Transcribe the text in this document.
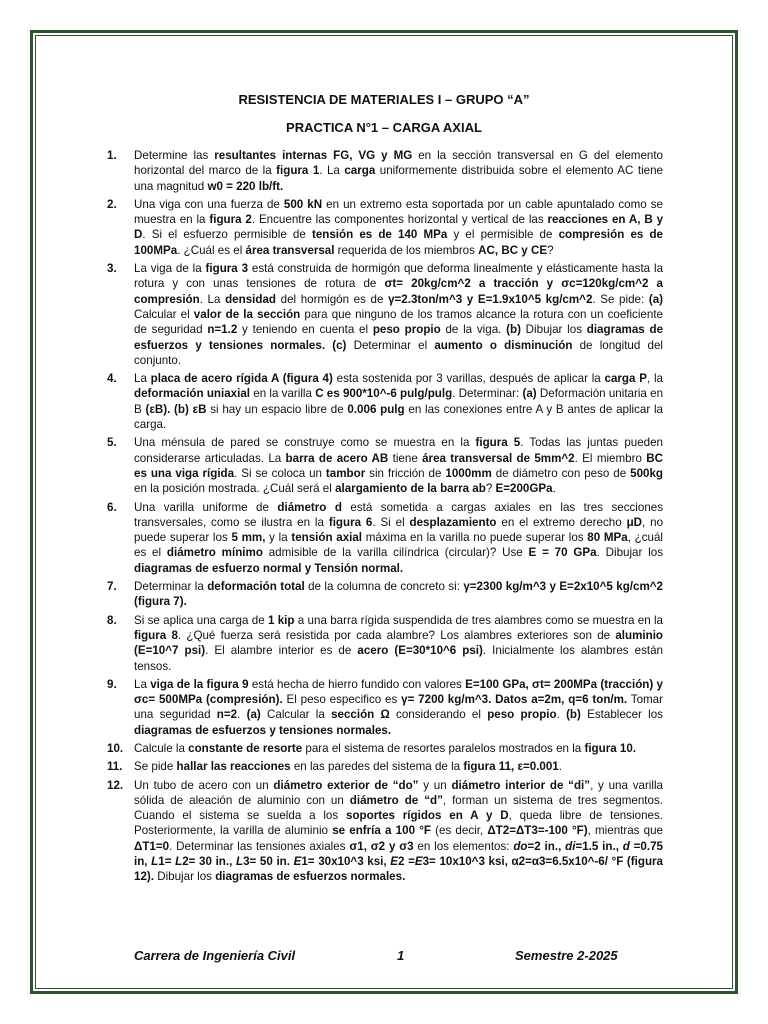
RESISTENCIA DE MATERIALES I – GRUPO “A”
PRACTICA N°1 – CARGA AXIAL
1. Determine las resultantes internas FG, VG y MG en la sección transversal en G del elemento horizontal del marco de la figura 1. La carga uniformemente distribuida sobre el elemento AC tiene una magnitud w0 = 220 lb/ft.
2. Una viga con una fuerza de 500 kN en un extremo esta soportada por un cable apuntalado como se muestra en la figura 2. Encuentre las componentes horizontal y vertical de las reacciones en A, B y D. Si el esfuerzo permisible de tensión es de 140 MPa y el permisible de compresión es de 100MPa. ¿Cuál es el área transversal requerida de los miembros AC, BC y CE?
3. La viga de la figura 3 está construida de hormigón que deforma linealmente y elásticamente hasta la rotura y con unas tensiones de rotura de σt= 20kg/cm^2 a tracción y σc=120kg/cm^2 a compresión. La densidad del hormigón es de γ=2.3ton/m^3 y E=1.9x10^5 kg/cm^2. Se pide: (a) Calcular el valor de la sección para que ninguno de los tramos alcance la rotura con un coeficiente de seguridad n=1.2 y teniendo en cuenta el peso propio de la viga. (b) Dibujar los diagramas de esfuerzos y tensiones normales. (c) Determinar el aumento o disminución de longitud del conjunto.
4. La placa de acero rígida A (figura 4) esta sostenida por 3 varillas, después de aplicar la carga P, la deformación uniaxial en la varilla C es 900*10^-6 pulg/pulg. Determinar: (a) Deformación unitaria en B (εB). (b) εB si hay un espacio libre de 0.006 pulg en las conexiones entre A y B antes de aplicar la carga.
5. Una ménsula de pared se construye como se muestra en la figura 5. Todas las juntas pueden considerarse articuladas. La barra de acero AB tiene área transversal de 5mm^2. El miembro BC es una viga rígida. Si se coloca un tambor sin fricción de 1000mm de diámetro con peso de 500kg en la posición mostrada. ¿Cuál será el alargamiento de la barra ab? E=200GPa.
6. Una varilla uniforme de diámetro d está sometida a cargas axiales en las tres secciones transversales, como se ilustra en la figura 6. Si el desplazamiento en el extremo derecho μD, no puede superar los 5 mm, y la tensión axial máxima en la varilla no puede superar los 80 MPa, ¿cuál es el diámetro mínimo admisible de la varilla cilíndrica (circular)? Use E = 70 GPa. Dibujar los diagramas de esfuerzo normal y Tensión normal.
7. Determinar la deformación total de la columna de concreto si: γ=2300 kg/m^3 y E=2x10^5 kg/cm^2 (figura 7).
8. Si se aplica una carga de 1 kip a una barra rígida suspendida de tres alambres como se muestra en la figura 8. ¿Qué fuerza será resistida por cada alambre? Los alambres exteriores son de aluminio (E=10^7 psi). El alambre interior es de acero (E=30*10^6 psi). Inicialmente los alambres están tensos.
9. La viga de la figura 9 está hecha de hierro fundido con valores E=100 GPa, σt= 200MPa (tracción) y σc= 500MPa (compresión). El peso especifico es γ= 7200 kg/m^3. Datos a=2m, q=6 ton/m. Tomar una seguridad n=2. (a) Calcular la sección Ω considerando el peso propio. (b) Establecer los diagramas de esfuerzos y tensiones normales.
10. Calcule la constante de resorte para el sistema de resortes paralelos mostrados en la figura 10.
11. Se pide hallar las reacciones en las paredes del sistema de la figura 11, ε=0.001.
12. Un tubo de acero con un diámetro exterior de “do” y un diámetro interior de “di”, y una varilla sólida de aleación de aluminio con un diámetro de “d”, forman un sistema de tres segmentos. Cuando el sistema se suelda a los soportes rígidos en A y D, queda libre de tensiones. Posteriormente, la varilla de aluminio se enfría a 100 °F (es decir, ΔT2=ΔT3=-100 °F), mientras que ΔT1=0. Determinar las tensiones axiales σ1, σ2 y σ3 en los elementos: do=2 in., di=1.5 in., d =0.75 in, L1= L2= 30 in., L3= 50 in. E1= 30x10^3 ksi, E2 =E3= 10x10^3 ksi, α2=α3=6.5x10^-6/ °F (figura 12). Dibujar los diagramas de esfuerzos normales.
Carrera de Ingeniería Civil	1	Semestre 2-2025
